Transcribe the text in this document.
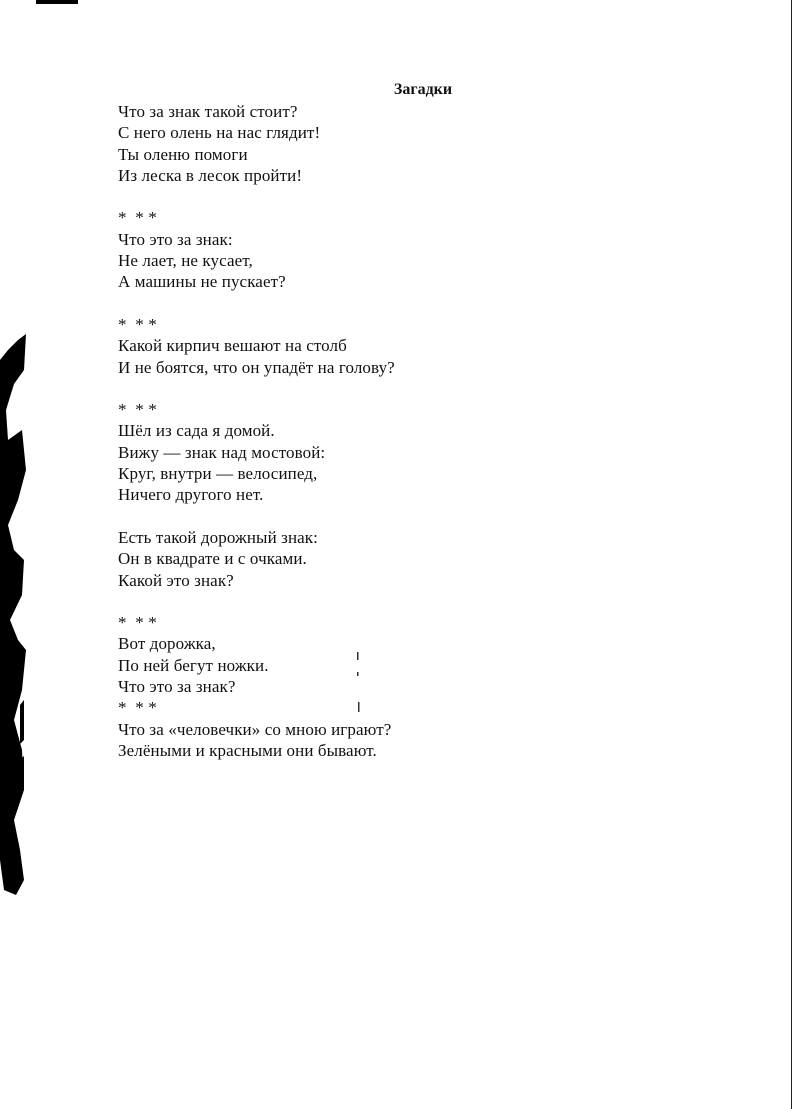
Загадки
Что за знак такой стоит?
С него олень на нас глядит!
Ты оленю помоги
Из леска в лесок пройти!
*  * *
Что это за знак:
Не лает, не кусает,
А машины не пускает?
*  * *
Какой кирпич вешают на столб
И не боятся, что он упадёт на голову?
*  * *
Шёл из сада я домой.
Вижу — знак над мостовой:
Круг, внутри — велосипед,
Ничего другого нет.
Есть такой дорожный знак:
Он в квадрате и с очками.
Какой это знак?
*  * *
Вот дорожка,
По ней бегут ножки.
Что это за знак?
*  * *
Что за «человечки» со мною играют?
Зелёными и красными они бывают.
